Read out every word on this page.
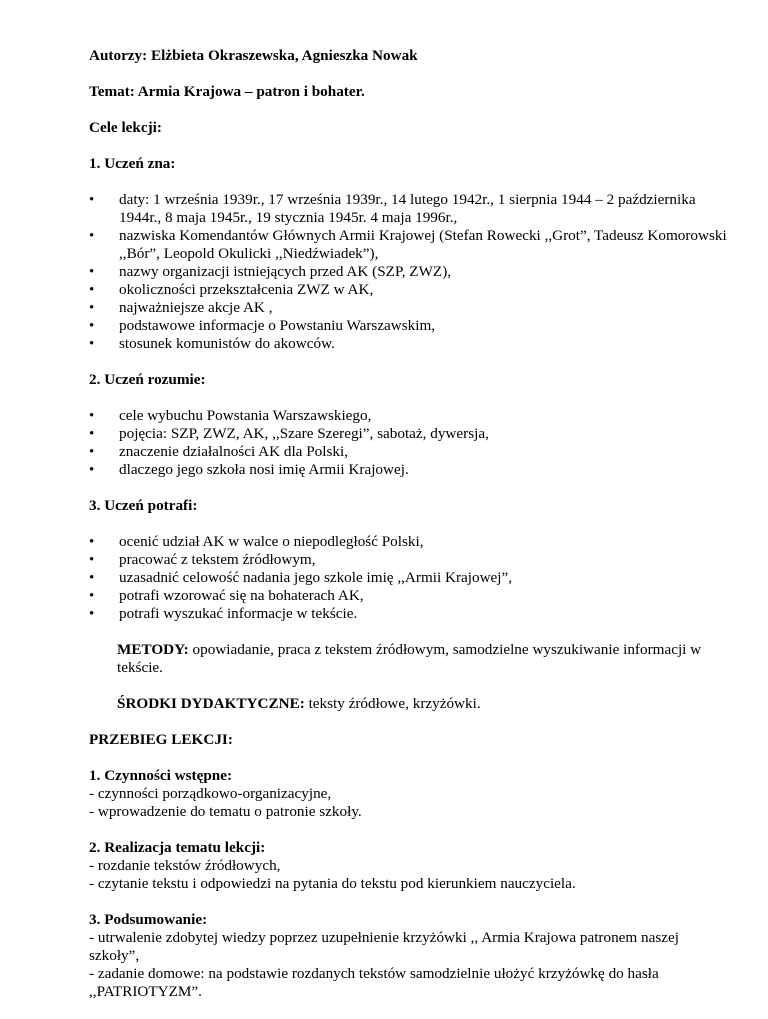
Autorzy: Elżbieta Okraszewska, Agnieszka Nowak

Temat: Armia Krajowa – patron i bohater.

Cele lekcji:

1. Uczeń zna:

• daty: 1 września 1939r., 17 września 1939r., 14 lutego 1942r., 1 sierpnia 1944 – 2 października 1944r., 8 maja 1945r., 19 stycznia 1945r. 4 maja 1996r.,
• nazwiska Komendantów Głównych Armii Krajowej (Stefan Rowecki ,,Grot”, Tadeusz Komorowski ,,Bór”, Leopold Okulicki ,,Niedźwiadek”),
• nazwy organizacji istniejących przed AK (SZP, ZWZ),
• okoliczności przekształcenia ZWZ w AK,
• najważniejsze akcje AK ,
• podstawowe informacje o Powstaniu Warszawskim,
• stosunek komunistów do akowców.

2. Uczeń rozumie:

• cele wybuchu Powstania Warszawskiego,
• pojęcia: SZP, ZWZ, AK, ,,Szare Szeregi”, sabotaż, dywersja,
• znaczenie działalności AK dla Polski,
• dlaczego jego szkoła nosi imię Armii Krajowej.

3. Uczeń potrafi:

• ocenić udział AK w walce o niepodległość Polski,
• pracować z tekstem źródłowym,
• uzasadnić celowość nadania jego szkole imię ,,Armii Krajowej”,
• potrafi wzorować się na bohaterach AK,
• potrafi wyszukać informacje w tekście.

METODY: opowiadanie, praca z tekstem źródłowym, samodzielne wyszukiwanie informacji w tekście.

ŚRODKI DYDAKTYCZNE: teksty źródłowe, krzyżówki.

PRZEBIEG LEKCJI:

1. Czynności wstępne:

- czynności porządkowo-organizacyjne,

- wprowadzenie do tematu o patronie szkoły.

2. Realizacja tematu lekcji:

- rozdanie tekstów źródłowych,

- czytanie tekstu i odpowiedzi na pytania do tekstu pod kierunkiem nauczyciela.

3. Podsumowanie:

- utrwalenie zdobytej wiedzy poprzez uzupełnienie krzyżówki ,, Armia Krajowa patronem naszej szkoły”,

- zadanie domowe: na podstawie rozdanych tekstów samodzielnie ułożyć krzyżówkę do hasła ,,PATRIOTYZM”.
